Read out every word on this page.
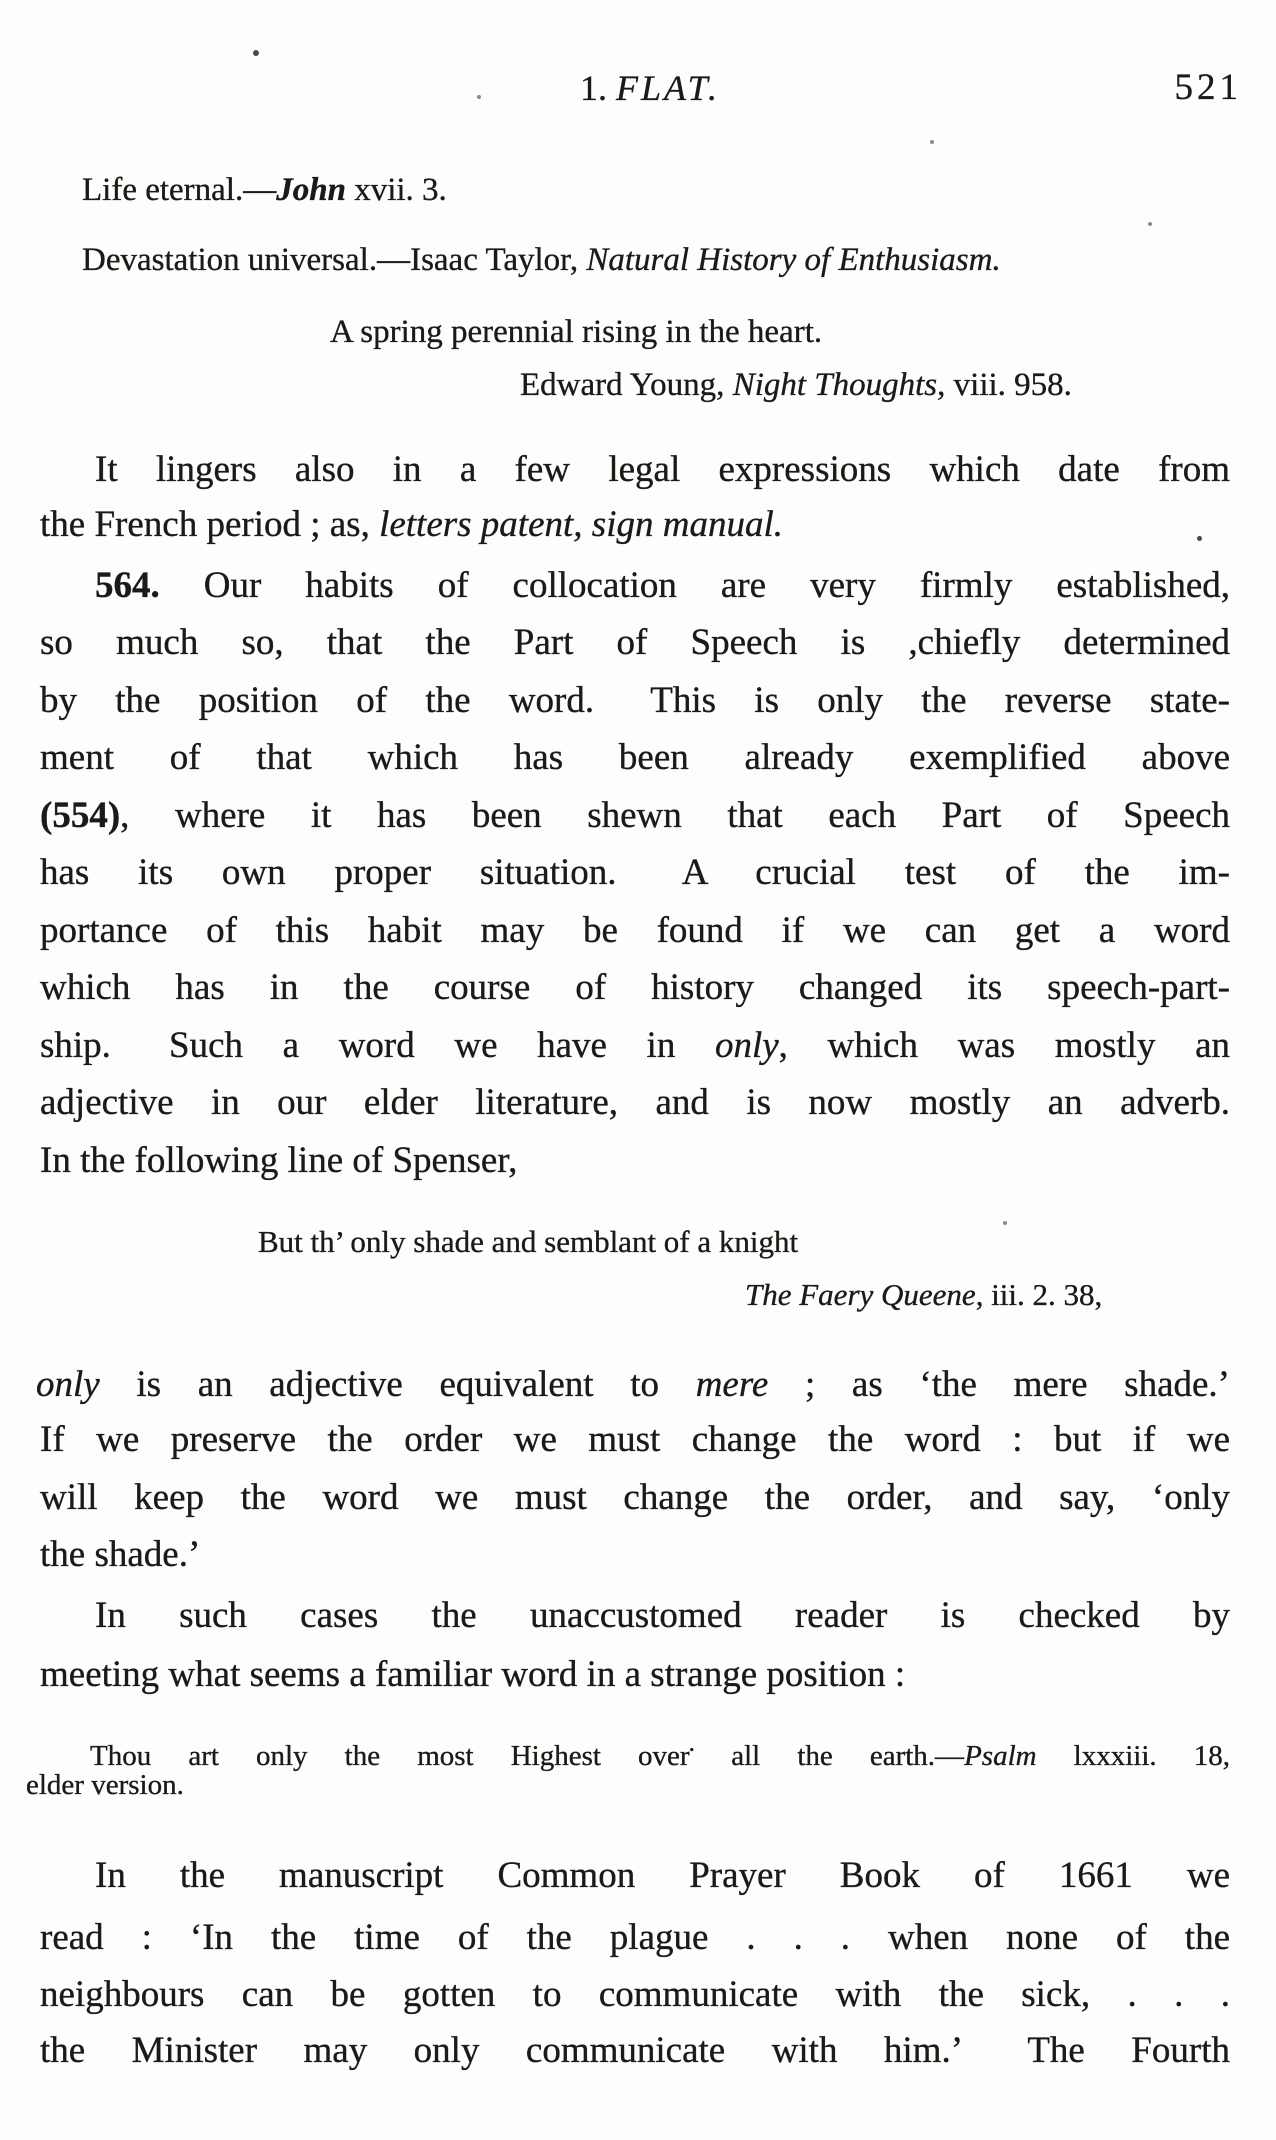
1. FLAT.	521
Life eternal.—John xvii. 3.
Devastation universal.—Isaac Taylor, Natural History of Enthusiasm.
A spring perennial rising in the heart.
Edward Young, Night Thoughts, viii. 958.
It lingers also in a few legal expressions which date from
the French period ; as, letters patent, sign manual.
564. Our habits of collocation are very firmly established,
so much so, that the Part of Speech is ,chiefly determined
by the position of the word.  This is only the reverse state-
ment of that which has been already exemplified above
(554), where it has been shewn that each Part of Speech
has its own proper situation.  A crucial test of the im-
portance of this habit may be found if we can get a word
which has in the course of history changed its speech-part-
ship.  Such a word we have in only, which was mostly an
adjective in our elder literature, and is now mostly an adverb.
In the following line of Spenser,
But th’ only shade and semblant of a knight
The Faery Queene, iii. 2. 38,
only is an adjective equivalent to mere ; as ‘the mere shade.’
If we preserve the order we must change the word : but if we
will keep the word we must change the order, and say, ‘only
the shade.’
In such cases the unaccustomed reader is checked by
meeting what seems a familiar word in a strange position :
Thou art only the most Highest over• all the earth.—Psalm lxxxiii. 18,
elder version.
In the manuscript Common Prayer Book of 1661 we
read : ‘In the time of the plague . . . when none of the
neighbours can be gotten to communicate with the sick, . . .
the Minister may only communicate with him.’  The Fourth
